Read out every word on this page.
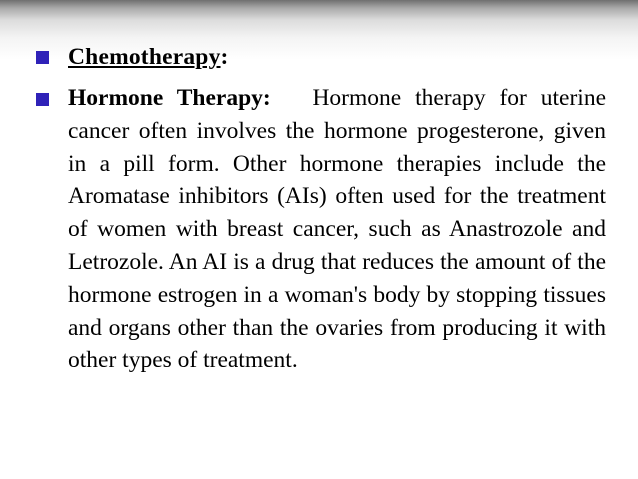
Chemotherapy:
Hormone Therapy: Hormone therapy for uterine cancer often involves the hormone progesterone, given in a pill form. Other hormone therapies include the Aromatase inhibitors (AIs) often used for the treatment of women with breast cancer, such as Anastrozole and Letrozole. An AI is a drug that reduces the amount of the hormone estrogen in a woman's body by stopping tissues and organs other than the ovaries from producing it with other types of treatment.
